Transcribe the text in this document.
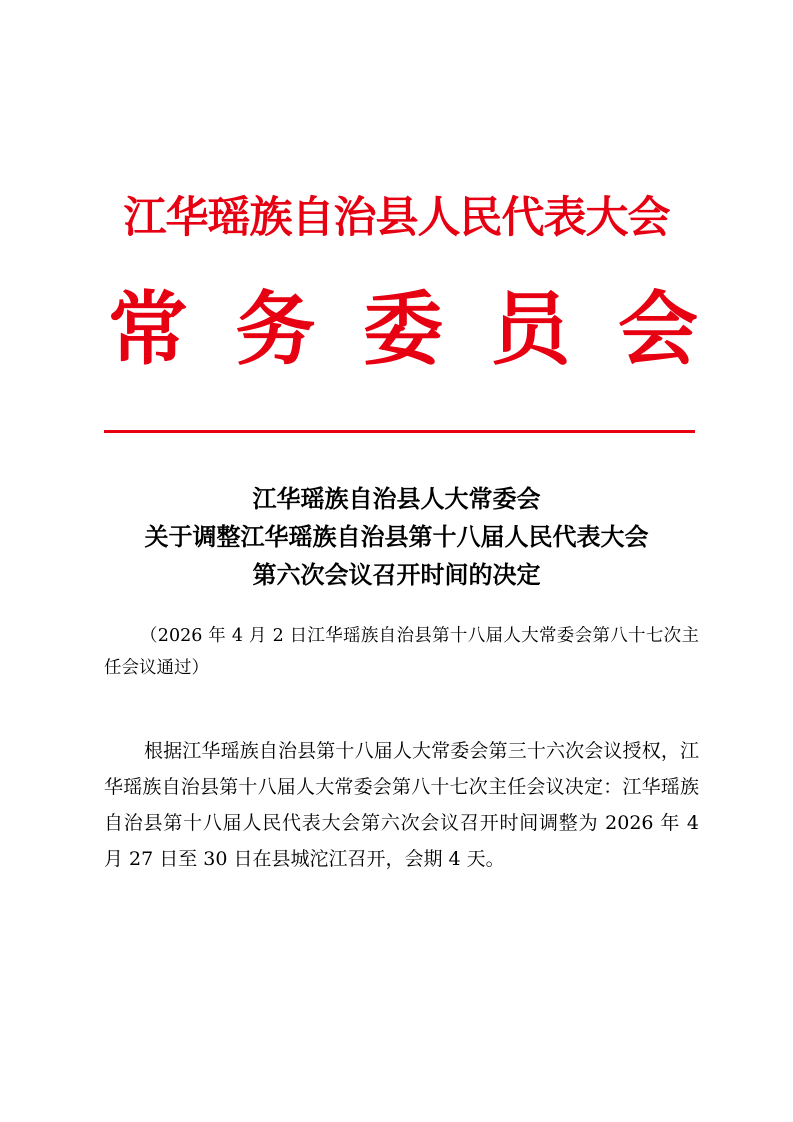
江华瑶族自治县人民代表大会
常 务 委 员 会
江华瑶族自治县人大常委会
关于调整江华瑶族自治县第十八届人民代表大会
第六次会议召开时间的决定
（2026 年 4 月 2 日江华瑶族自治县第十八届人大常委会第八十七次主任会议通过）
根据江华瑶族自治县第十八届人大常委会第三十六次会议授权，江华瑶族自治县第十八届人大常委会第八十七次主任会议决定：江华瑶族自治县第十八届人民代表大会第六次会议召开时间调整为 2026 年 4 月 27 日至 30 日在县城沱江召开，会期 4 天。
